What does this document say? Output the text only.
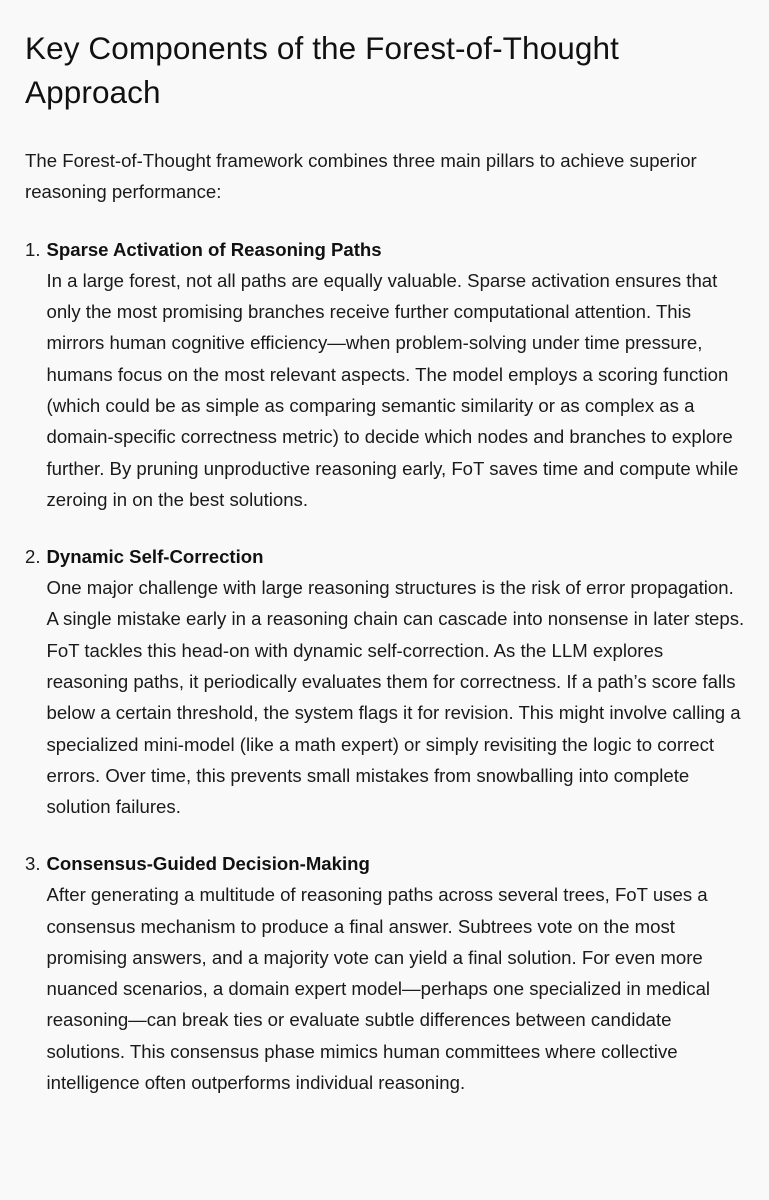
Key Components of the Forest-of-Thought Approach

The Forest-of-Thought framework combines three main pillars to achieve superior reasoning performance:

1. Sparse Activation of Reasoning Paths
In a large forest, not all paths are equally valuable. Sparse activation ensures that only the most promising branches receive further computational attention. This mirrors human cognitive efficiency—when problem-solving under time pressure, humans focus on the most relevant aspects. The model employs a scoring function (which could be as simple as comparing semantic similarity or as complex as a domain-specific correctness metric) to decide which nodes and branches to explore further. By pruning unproductive reasoning early, FoT saves time and compute while zeroing in on the best solutions.
2. Dynamic Self-Correction
One major challenge with large reasoning structures is the risk of error propagation. A single mistake early in a reasoning chain can cascade into nonsense in later steps. FoT tackles this head-on with dynamic self-correction. As the LLM explores reasoning paths, it periodically evaluates them for correctness. If a path’s score falls below a certain threshold, the system flags it for revision. This might involve calling a specialized mini-model (like a math expert) or simply revisiting the logic to correct errors. Over time, this prevents small mistakes from snowballing into complete solution failures.
3. Consensus-Guided Decision-Making
After generating a multitude of reasoning paths across several trees, FoT uses a consensus mechanism to produce a final answer. Subtrees vote on the most promising answers, and a majority vote can yield a final solution. For even more nuanced scenarios, a domain expert model—perhaps one specialized in medical reasoning—can break ties or evaluate subtle differences between candidate solutions. This consensus phase mimics human committees where collective intelligence often outperforms individual reasoning.
